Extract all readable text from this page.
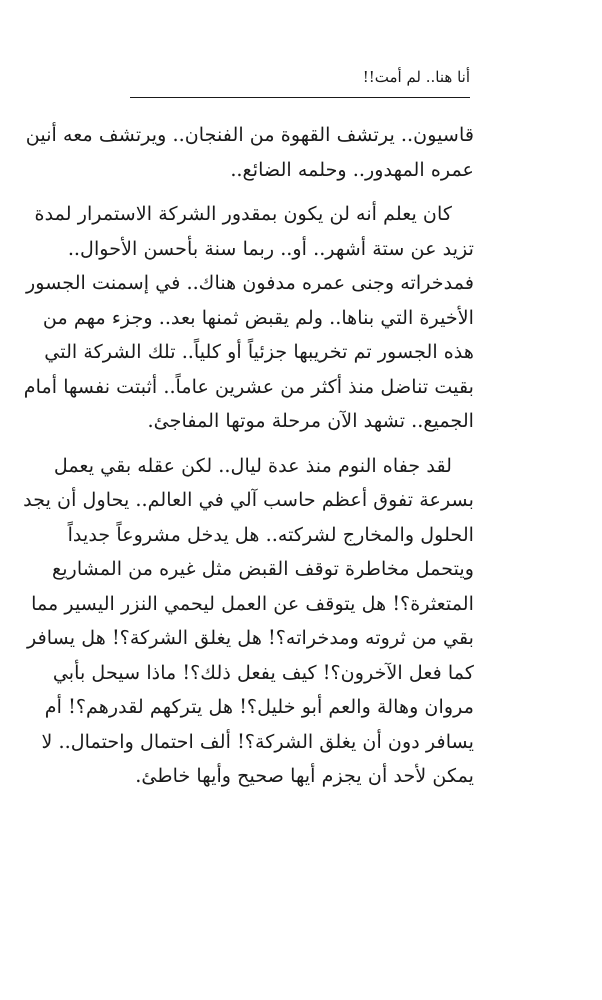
أنا هنا.. لم أمت!!

قاسيون.. يرتشف القهوة من الفنجان.. ويرتشف معه أنين
عمره المهدور.. وحلمه الضائع..

كان يعلم أنه لن يكون بمقدور الشركة الاستمرار لمدة
تزيد عن ستة أشهر.. أو.. ربما سنة بأحسن الأحوال..
فمدخراته وجنى عمره مدفون هناك.. في إسمنت الجسور
الأخيرة التي بناها.. ولم يقبض ثمنها بعد.. وجزء مهم من
هذه الجسور تم تخريبها جزئياً أو كلياً.. تلك الشركة التي
بقيت تناضل منذ أكثر من عشرين عاماً.. أثبتت نفسها أمام
الجميع.. تشهد الآن مرحلة موتها المفاجئ.

لقد جفاه النوم منذ عدة ليال.. لكن عقله بقي يعمل
بسرعة تفوق أعظم حاسب آلي في العالم.. يحاول أن يجد
الحلول والمخارج لشركته.. هل يدخل مشروعاً جديداً
ويتحمل مخاطرة توقف القبض مثل غيره من المشاريع
المتعثرة؟! هل يتوقف عن العمل ليحمي النزر اليسير مما
بقي من ثروته ومدخراته؟! هل يغلق الشركة؟! هل يسافر
كما فعل الآخرون؟! كيف يفعل ذلك؟! ماذا سيحل بأبي
مروان وهالة والعم أبو خليل؟! هل يتركهم لقدرهم؟! أم
يسافر دون أن يغلق الشركة؟! ألف احتمال واحتمال.. لا
يمكن لأحد أن يجزم أيها صحيح وأيها خاطئ.
